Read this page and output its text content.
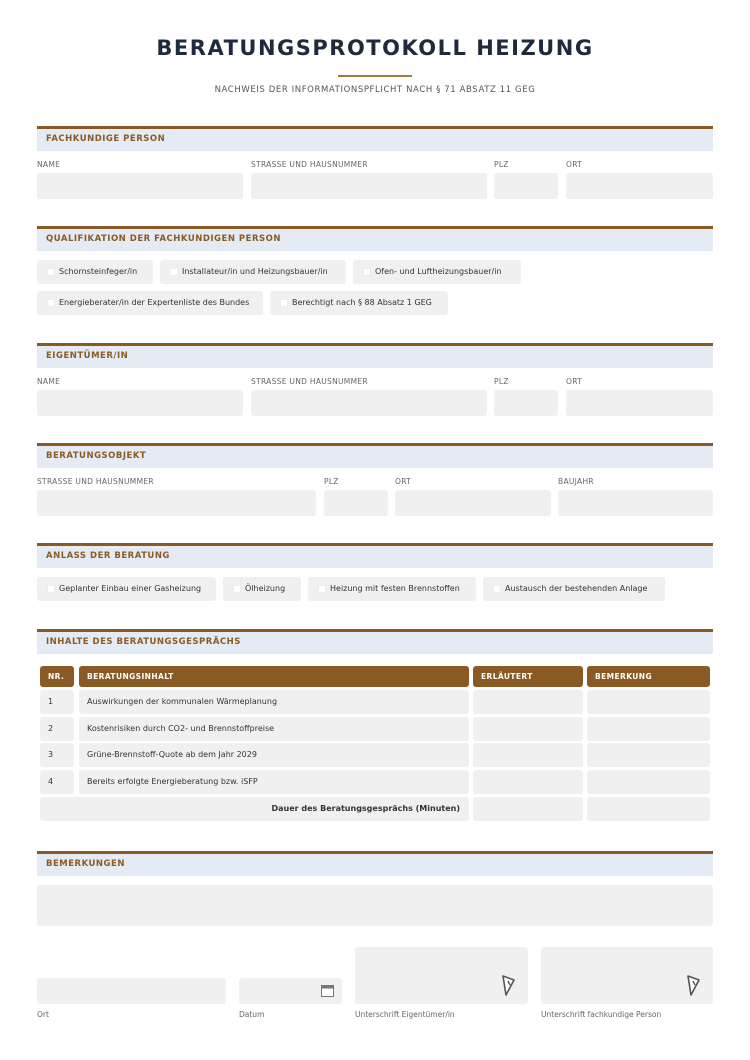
BERATUNGSPROTOKOLL HEIZUNG
NACHWEIS DER INFORMATIONSPFLICHT NACH § 71 ABSATZ 11 GEG
FACHKUNDIGE PERSON
NAME	STRASSE UND HAUSNUMMER	PLZ	ORT
QUALIFIKATION DER FACHKUNDIGEN PERSON
Schornsteinfeger/in	Installateur/in und Heizungsbauer/in	Ofen- und Luftheizungsbauer/in
Energieberater/in der Expertenliste des Bundes	Berechtigt nach § 88 Absatz 1 GEG
EIGENTÜMER/IN
NAME	STRASSE UND HAUSNUMMER	PLZ	ORT
BERATUNGSOBJEKT
STRASSE UND HAUSNUMMER	PLZ	ORT	BAUJAHR
ANLASS DER BERATUNG
Geplanter Einbau einer Gasheizung	Ölheizung	Heizung mit festen Brennstoffen	Austausch der bestehenden Anlage
INHALTE DES BERATUNGSGESPRÄCHS
NR.	BERATUNGSINHALT	ERLÄUTERT	BEMERKUNG
1	Auswirkungen der kommunalen Wärmeplanung
2	Kostenrisiken durch CO2- und Brennstoffpreise
3	Grüne-Brennstoff-Quote ab dem Jahr 2029
4	Bereits erfolgte Energieberatung bzw. iSFP
Dauer des Beratungsgesprächs (Minuten)
BEMERKUNGEN
Ort	Datum	Unterschrift Eigentümer/in	Unterschrift fachkundige Person
